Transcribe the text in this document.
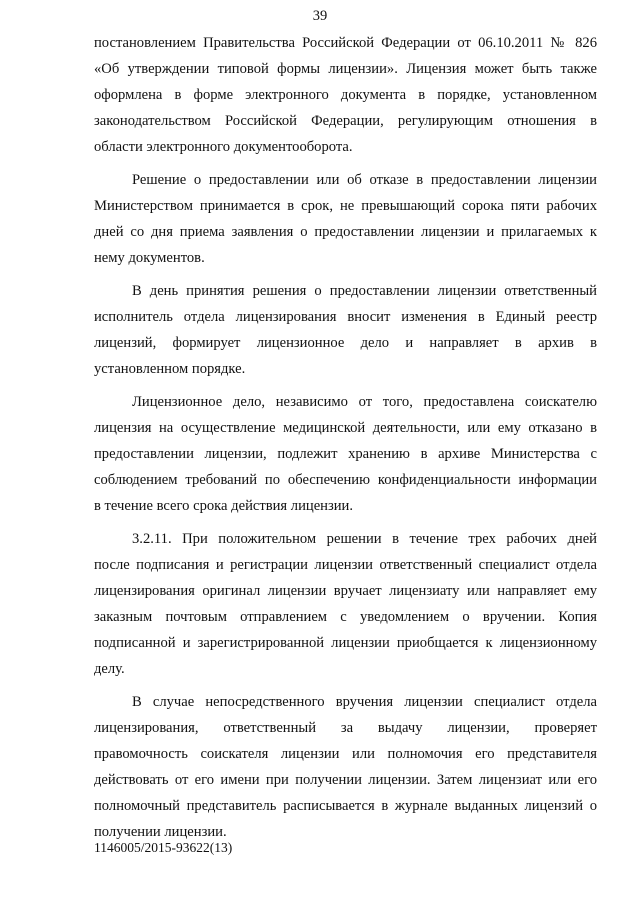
39
постановлением Правительства Российской Федерации от 06.10.2011 № 826
«Об утверждении типовой формы лицензии». Лицензия может быть также
оформлена в форме электронного документа в порядке, установленном
законодательством Российской Федерации, регулирующим отношения в
области электронного документооборота.
Решение о предоставлении или об отказе в предоставлении лицензии
Министерством принимается в срок, не превышающий сорока пяти рабочих
дней со дня приема заявления о предоставлении лицензии и прилагаемых к
нему документов.
В день принятия решения о предоставлении лицензии ответственный
исполнитель отдела лицензирования вносит изменения в Единый реестр
лицензий, формирует лицензионное дело и направляет в архив в
установленном порядке.
Лицензионное дело, независимо от того, предоставлена соискателю
лицензия на осуществление медицинской деятельности, или ему отказано в
предоставлении лицензии, подлежит хранению в архиве Министерства с
соблюдением требований по обеспечению конфиденциальности информации
в течение всего срока действия лицензии.
3.2.11. При положительном решении в течение трех рабочих дней
после подписания и регистрации лицензии ответственный специалист отдела
лицензирования оригинал лицензии вручает лицензиату или направляет ему
заказным почтовым отправлением с уведомлением о вручении. Копия
подписанной и зарегистрированной лицензии приобщается к лицензионному
делу.
В случае непосредственного вручения лицензии специалист отдела
лицензирования, ответственный за выдачу лицензии, проверяет
правомочность соискателя лицензии или полномочия его представителя
действовать от его имени при получении лицензии. Затем лицензиат или его
полномочный представитель расписывается в журнале выданных лицензий о
получении лицензии.
1146005/2015-93622(13)
